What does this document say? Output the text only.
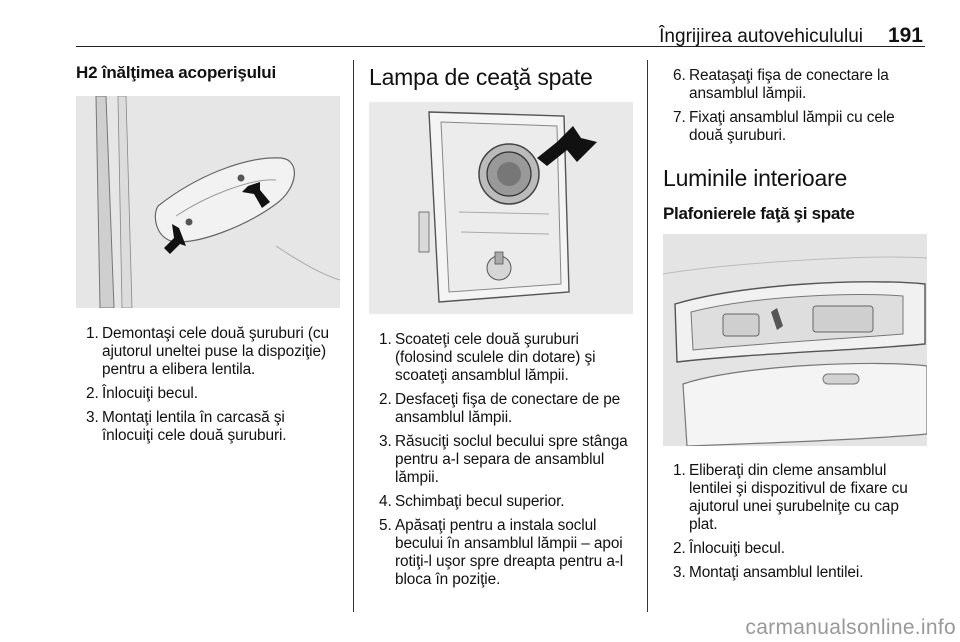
Îngrijirea autovehiculului 191
H2 înălţimea acoperişului
1. Demontaşi cele două şuruburi (cu ajutorul uneltei puse la dispoziţie) pentru a elibera lentila.
2. Înlocuiţi becul.
3. Montaţi lentila în carcasă şi înlocuiţi cele două şuruburi.
Lampa de ceaţă spate
1. Scoateţi cele două şuruburi (folosind sculele din dotare) şi scoateţi ansamblul lămpii.
2. Desfaceţi fişa de conectare de pe ansamblul lămpii.
3. Răsuciţi soclul becului spre stânga pentru a-l separa de ansamblul lămpii.
4. Schimbaţi becul superior.
5. Apăsaţi pentru a instala soclul becului în ansamblul lămpii – apoi rotiţi-l uşor spre dreapta pentru a-l bloca în poziţie.
6. Reataşaţi fişa de conectare la ansamblul lămpii.
7. Fixaţi ansamblul lămpii cu cele două şuruburi.
Luminile interioare
Plafonierele faţă şi spate
1. Eliberaţi din cleme ansamblul lentilei şi dispozitivul de fixare cu ajutorul unei şurubelniţe cu cap plat.
2. Înlocuiţi becul.
3. Montaţi ansamblul lentilei.
carmanualsonline.info
